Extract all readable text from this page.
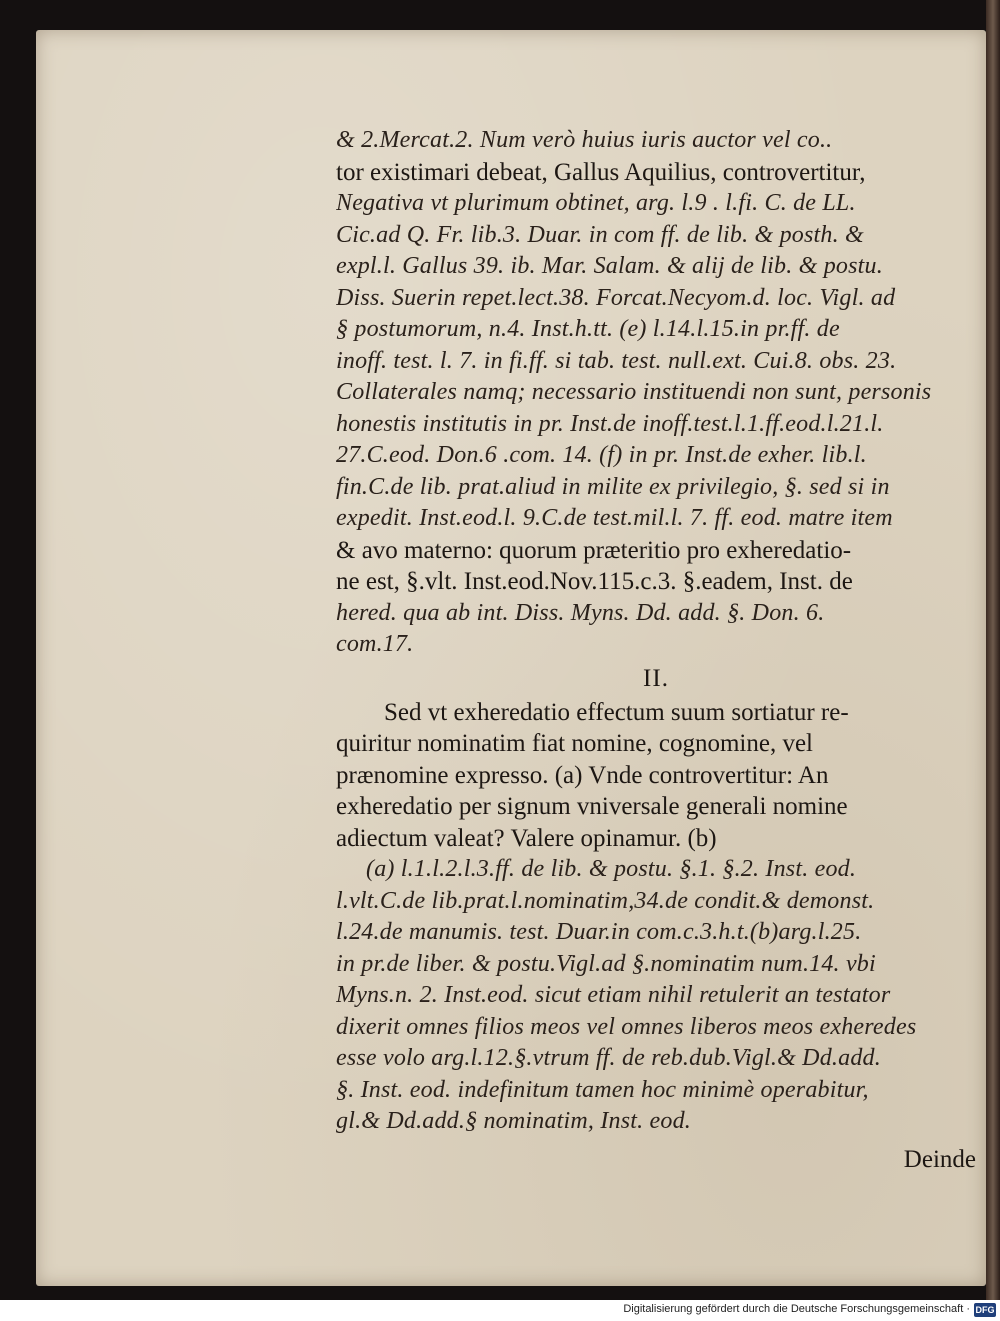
& 2.Mercat.2. Num verò huius iuris auctor vel co..
tor existimari debeat, Gallus Aquilius, controvertitur,
Negativa vt plurimum obtinet, arg. l.9 . l.fi. C. de LL.
Cic.ad Q. Fr. lib.3. Duar. in com ff. de lib. & posth. &
expl.l. Gallus 39. ib. Mar. Salam. & alij de lib. & postu.
Diss. Suerin repet.lect.38. Forcat.Necyom.d. loc. Vigl. ad
§ postumorum, n.4. Inst.h.tt. (e) l.14.l.15.in pr.ff. de
inoff. test. l. 7. in fi.ff. si tab. test. null.ext. Cui.8. obs. 23.
Collaterales namq; necessario instituendi non sunt, personis
honestis institutis in pr. Inst.de inoff.test.l.1.ff.eod.l.21.l.
27.C.eod. Don.6 .com. 14. (f) in pr. Inst.de exher. lib.l.
fin.C.de lib. prat.aliud in milite ex privilegio, §. sed si in
expedit. Inst.eod.l. 9.C.de test.mil.l. 7. ff. eod. matre item
& avo materno: quorum præteritio pro exheredatio-
ne est, §.vlt. Inst.eod.Nov.115.c.3. §.eadem, Inst. de
hered. qua ab int. Diss. Myns. Dd. add. §. Don. 6.
com.17.
II.
Sed vt exheredatio effectum suum sortiatur re-
quiritur nominatim fiat nomine, cognomine, vel
prænomine expresso. (a) Vnde controvertitur: An
exheredatio per signum vniversale generali nomine
adiectum valeat? Valere opinamur. (b)
(a) l.1.l.2.l.3.ff. de lib. & postu. §.1. §.2. Inst. eod.
l.vlt.C.de lib.prat.l.nominatim,34.de condit.& demonst.
l.24.de manumis. test. Duar.in com.c.3.h.t.(b)arg.l.25.
in pr.de liber. & postu.Vigl.ad §.nominatim num.14. vbi
Myns.n. 2. Inst.eod. sicut etiam nihil retulerit an testator
dixerit omnes filios meos vel omnes liberos meos exheredes
esse volo arg.l.12.§.vtrum ff. de reb.dub.Vigl.& Dd.add.
§. Inst. eod. indefinitum tamen hoc minimè operabitur,
gl.& Dd.add.§ nominatim, Inst. eod.
Deinde
Digitalisierung gefördert durch die Deutsche Forschungsgemeinschaft · DFG
